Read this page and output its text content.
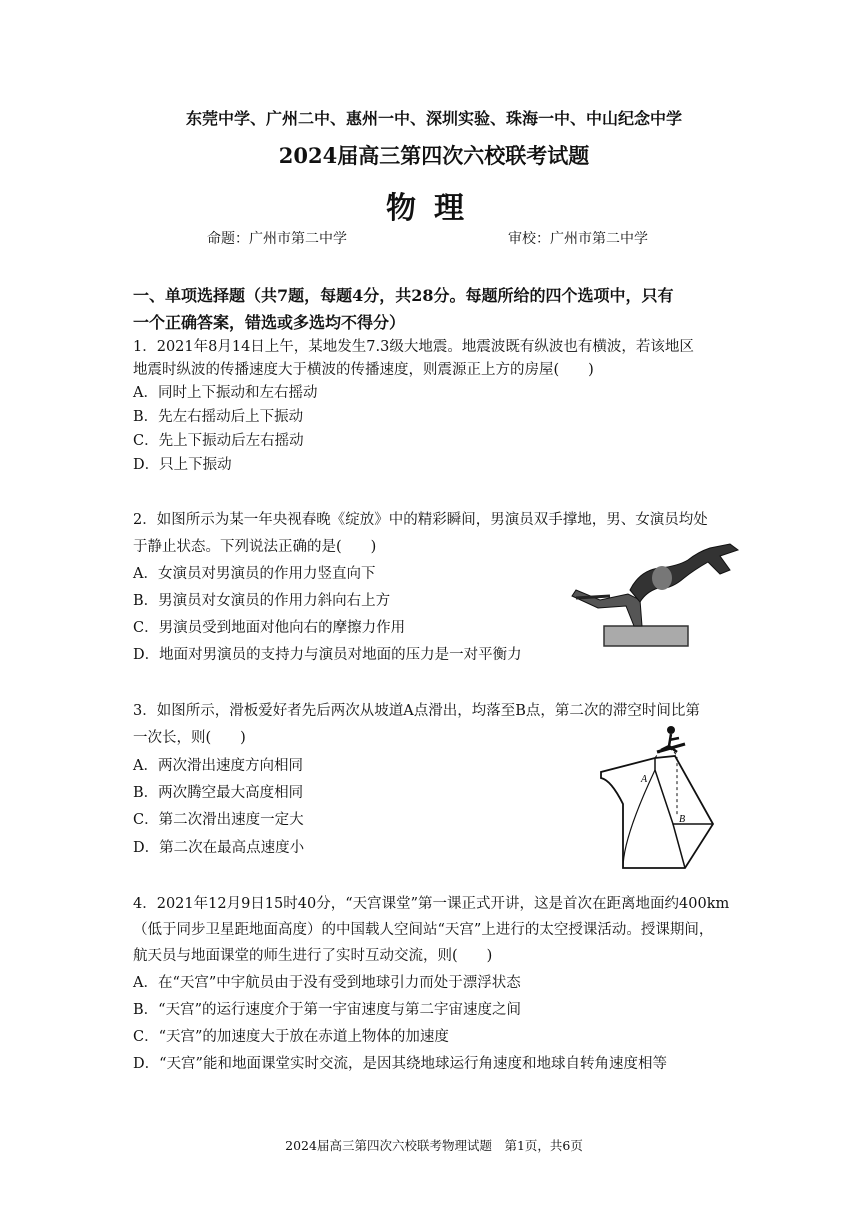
东莞中学、广州二中、惠州一中、深圳实验、珠海一中、中山纪念中学
2024届高三第四次六校联考试题
物理
命题：广州市第二中学	审校：广州市第二中学
一、单项选择题（共7题，每题4分，共28分。每题所给的四个选项中，只有
一个正确答案，错选或多选均不得分）
1．2021年8月14日上午，某地发生7.3级大地震。地震波既有纵波也有横波，若该地区
地震时纵波的传播速度大于横波的传播速度，则震源正上方的房屋(　　)
A．同时上下振动和左右摇动
B．先左右摇动后上下振动
C．先上下振动后左右摇动
D．只上下振动
2．如图所示为某一年央视春晚《绽放》中的精彩瞬间，男演员双手撑地，男、女演员均处
于静止状态。下列说法正确的是(　　)
A．女演员对男演员的作用力竖直向下
B．男演员对女演员的作用力斜向右上方
C．男演员受到地面对他向右的摩擦力作用
D．地面对男演员的支持力与演员对地面的压力是一对平衡力
3．如图所示，滑板爱好者先后两次从坡道A点滑出，均落至B点，第二次的滞空时间比第
一次长，则(　　)
A．两次滑出速度方向相同
B．两次腾空最大高度相同
C．第二次滑出速度一定大
D．第二次在最高点速度小
A
B
4．2021年12月9日15时40分，“天宫课堂”第一课正式开讲，这是首次在距离地面约400km
（低于同步卫星距地面高度）的中国载人空间站“天宫”上进行的太空授课活动。授课期间，
航天员与地面课堂的师生进行了实时互动交流，则(　　)
A．在“天宫”中宇航员由于没有受到地球引力而处于漂浮状态
B．“天宫”的运行速度介于第一宇宙速度与第二宇宙速度之间
C．“天宫”的加速度大于放在赤道上物体的加速度
D．“天宫”能和地面课堂实时交流，是因其绕地球运行角速度和地球自转角速度相等
2024届高三第四次六校联考物理试题　第1页，共6页
